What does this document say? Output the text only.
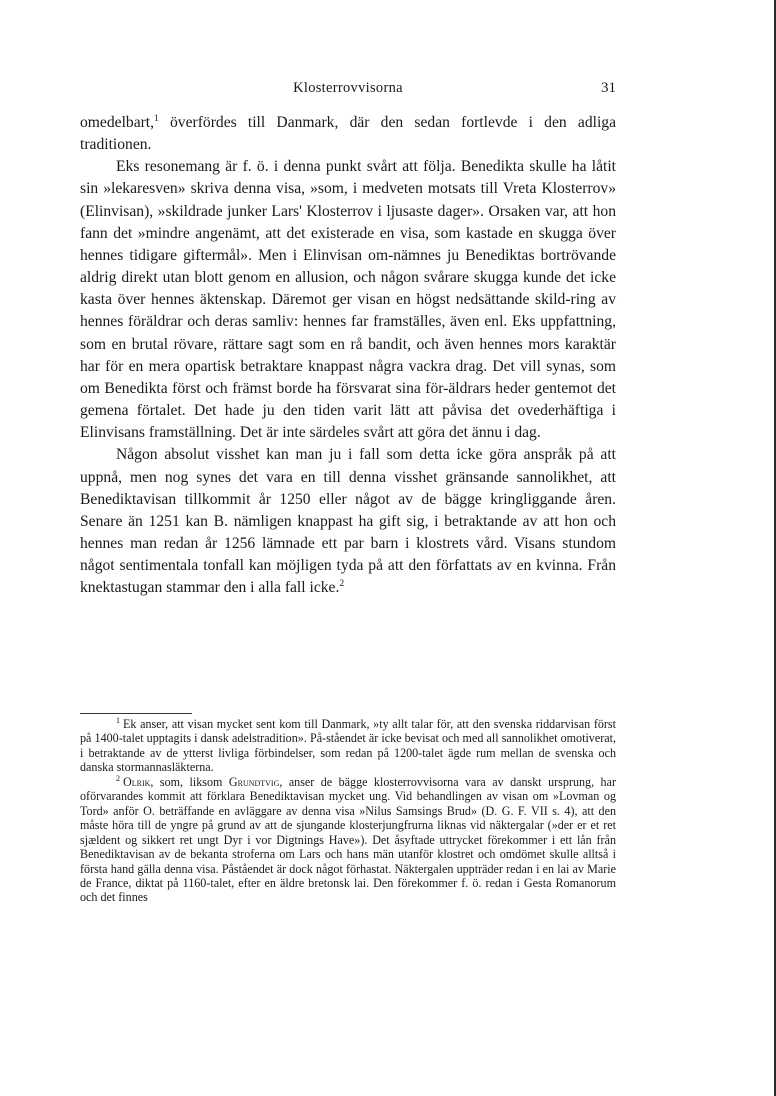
Klosterrovvisorna	31

omedelbart,$^1$ överfördes till Danmark, där den sedan fortlevde i den adliga traditionen.

Eks resonemang är f. ö. i denna punkt svårt att följa. Benedikta skulle ha låtit sin »lekaresven» skriva denna visa, »som, i medveten motsats till Vreta Klosterrov» (Elinvisan), »skildrade junker Lars' Klosterrov i ljusaste dager». Orsaken var, att hon fann det »mindre angenämt, att det existerade en visa, som kastade en skugga över hennes tidigare giftermål». Men i Elinvisan om-nämnes ju Benediktas bortrövande aldrig direkt utan blott genom en allusion, och någon svårare skugga kunde det icke kasta över hennes äktenskap. Däremot ger visan en högst nedsättande skild-ring av hennes föräldrar och deras samliv: hennes far framställes, även enl. Eks uppfattning, som en brutal rövare, rättare sagt som en rå bandit, och även hennes mors karaktär har för en mera opartisk betraktare knappast några vackra drag. Det vill synas, som om Benedikta först och främst borde ha försvarat sina för-äldrars heder gentemot det gemena förtalet. Det hade ju den tiden varit lätt att påvisa det ovederhäftiga i Elinvisans framställning. Det är inte särdeles svårt att göra det ännu i dag.

Någon absolut visshet kan man ju i fall som detta icke göra anspråk på att uppnå, men nog synes det vara en till denna visshet gränsande sannolikhet, att Benediktavisan tillkommit år 1250 eller något av de bägge kringliggande åren. Senare än 1251 kan B. nämligen knappast ha gift sig, i betraktande av att hon och hennes man redan år 1256 lämnade ett par barn i klostrets vård. Visans stundom något sentimentala tonfall kan möjligen tyda på att den författats av en kvinna. Från knektastugan stammar den i alla fall icke.$^2$

$^1$ Ek anser, att visan mycket sent kom till Danmark, »ty allt talar för, att den svenska riddarvisan först på 1400-talet upptagits i dansk adelstradition». På-ståendet är icke bevisat och med all sannolikhet omotiverat, i betraktande av de ytterst livliga förbindelser, som redan på 1200-talet ägde rum mellan de svenska och danska stormannasläkterna.

$^2$ Olrik, som, liksom Grundtvig, anser de bägge klosterrovvisorna vara av danskt ursprung, har oförvarandes kommit att förklara Benediktavisan mycket ung. Vid behandlingen av visan om »Lovman og Tord» anför O. beträffande en avläggare av denna visa »Nilus Samsings Brud» (D. G. F. VII s. 4), att den måste höra till de yngre på grund av att de sjungande klosterjungfrurna liknas vid näktergalar (»der er et ret sjældent og sikkert ret ungt Dyr i vor Digtnings Have»). Det åsyftade uttrycket förekommer i ett lån från Benediktavisan av de bekanta stroferna om Lars och hans män utanför klostret och omdömet skulle alltså i första hand gälla denna visa. Påståendet är dock något förhastat. Näktergalen uppträder redan i en lai av Marie de France, diktat på 1160-talet, efter en äldre bretonsk lai. Den förekommer f. ö. redan i Gesta Romanorum och det finnes
